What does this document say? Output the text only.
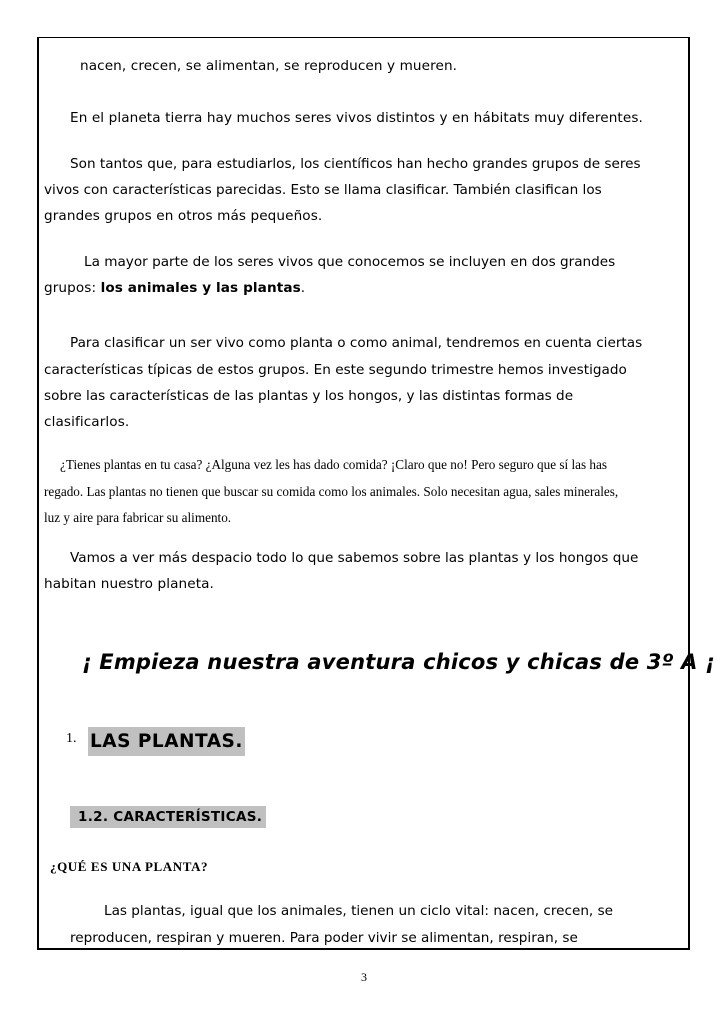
nacen, crecen, se alimentan, se reproducen y mueren.

En el planeta tierra hay muchos seres vivos distintos y en hábitats muy diferentes.

Son tantos que, para estudiarlos, los científicos han hecho grandes grupos de seres

vivos con características parecidas. Esto se llama clasificar. También clasifican los

grandes grupos en otros más pequeños.

La mayor parte de los seres vivos que conocemos se incluyen en dos grandes

grupos: los animales y las plantas.

Para clasificar un ser vivo como planta o como animal, tendremos en cuenta ciertas

características típicas de estos grupos. En este segundo trimestre hemos investigado

sobre las características de las plantas y los hongos, y las distintas formas de

clasificarlos.

¿Tienes plantas en tu casa? ¿Alguna vez les has dado comida? ¡Claro que no! Pero seguro que sí las has

regado. Las plantas no tienen que buscar su comida como los animales. Solo necesitan agua, sales minerales,

luz y aire para fabricar su alimento.

Vamos a ver más despacio todo lo que sabemos sobre las plantas y los hongos que

habitan nuestro planeta.

¡ Empieza nuestra aventura chicos y chicas de 3º A ¡

1. LAS PLANTAS.

1.2. CARACTERÍSTICAS.

¿QUÉ ES UNA PLANTA?

Las plantas, igual que los animales, tienen un ciclo vital: nacen, crecen, se

reproducen, respiran y mueren. Para poder vivir se alimentan, respiran, se

3
